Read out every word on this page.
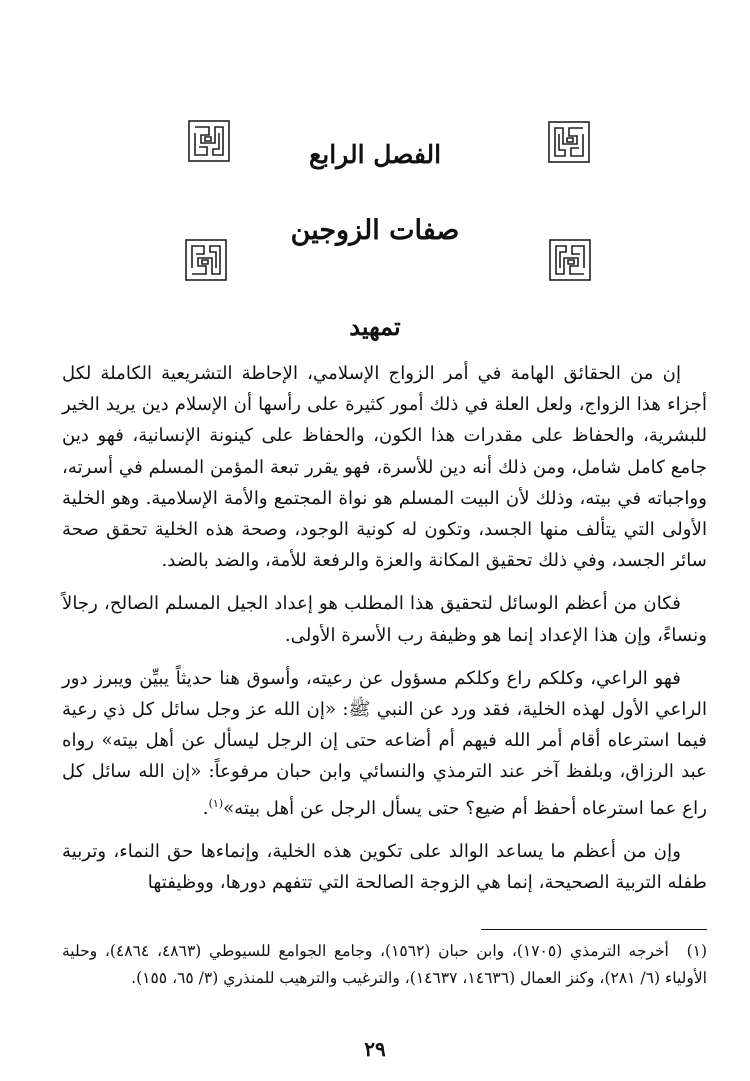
الفصل الرابع
صفات الزوجين
تمهيد

إن من الحقائق الهامة في أمر الزواج الإسلامي، الإحاطة التشريعية الكاملة لكل أجزاء هذا الزواج، ولعل العلة في ذلك أمور كثيرة على رأسها أن الإسلام دين يريد الخير للبشرية، والحفاظ على مقدرات هذا الكون، والحفاظ على كينونة الإنسانية، فهو دين جامع كامل شامل، ومن ذلك أنه دين للأسرة، فهو يقرر تبعة المؤمن المسلم في أسرته، وواجباته في بيته، وذلك لأن البيت المسلم هو نواة المجتمع والأمة الإسلامية. وهو الخلية الأولى التي يتألف منها الجسد، وتكون له كونية الوجود، وصحة هذه الخلية تحقق صحة سائر الجسد، وفي ذلك تحقيق المكانة والعزة والرفعة للأمة، والضد بالضد.

فكان من أعظم الوسائل لتحقيق هذا المطلب هو إعداد الجيل المسلم الصالح، رجالاً ونساءً، وإن هذا الإعداد إنما هو وظيفة رب الأسرة الأولى.

فهو الراعي، وكلكم راع وكلكم مسؤول عن رعيته، وأسوق هنا حديثاً يبيِّن ويبرز دور الراعي الأول لهذه الخلية، فقد ورد عن النبي ﷺ: «إن الله عز وجل سائل كل ذي رعية فيما استرعاه أقام أمر الله فيهم أم أضاعه حتى إن الرجل ليسأل عن أهل بيته» رواه عبد الرزاق، وبلفظ آخر عند الترمذي والنسائي وابن حبان مرفوعاً: «إن الله سائل كل راع عما استرعاه أحفظ أم ضيع؟ حتى يسأل الرجل عن أهل بيته»$^{(١)}$.

وإن من أعظم ما يساعد الوالد على تكوين هذه الخلية، وإنماءها حق النماء، وتربية طفله التربية الصحيحة، إنما هي الزوجة الصالحة التي تتفهم دورها، ووظيفتها

(١) أخرجه الترمذي (١٧٠٥)، وابن حبان (١٥٦٢)، وجامع الجوامع للسيوطي (٤٨٦٣، ٤٨٦٤)، وحلية الأولياء (٦/ ٢٨١)، وكنز العمال (١٤٦٣٦، ١٤٦٣٧)، والترغيب والترهيب للمنذري (٣/ ٦٥، ١٥٥).
٢٩
